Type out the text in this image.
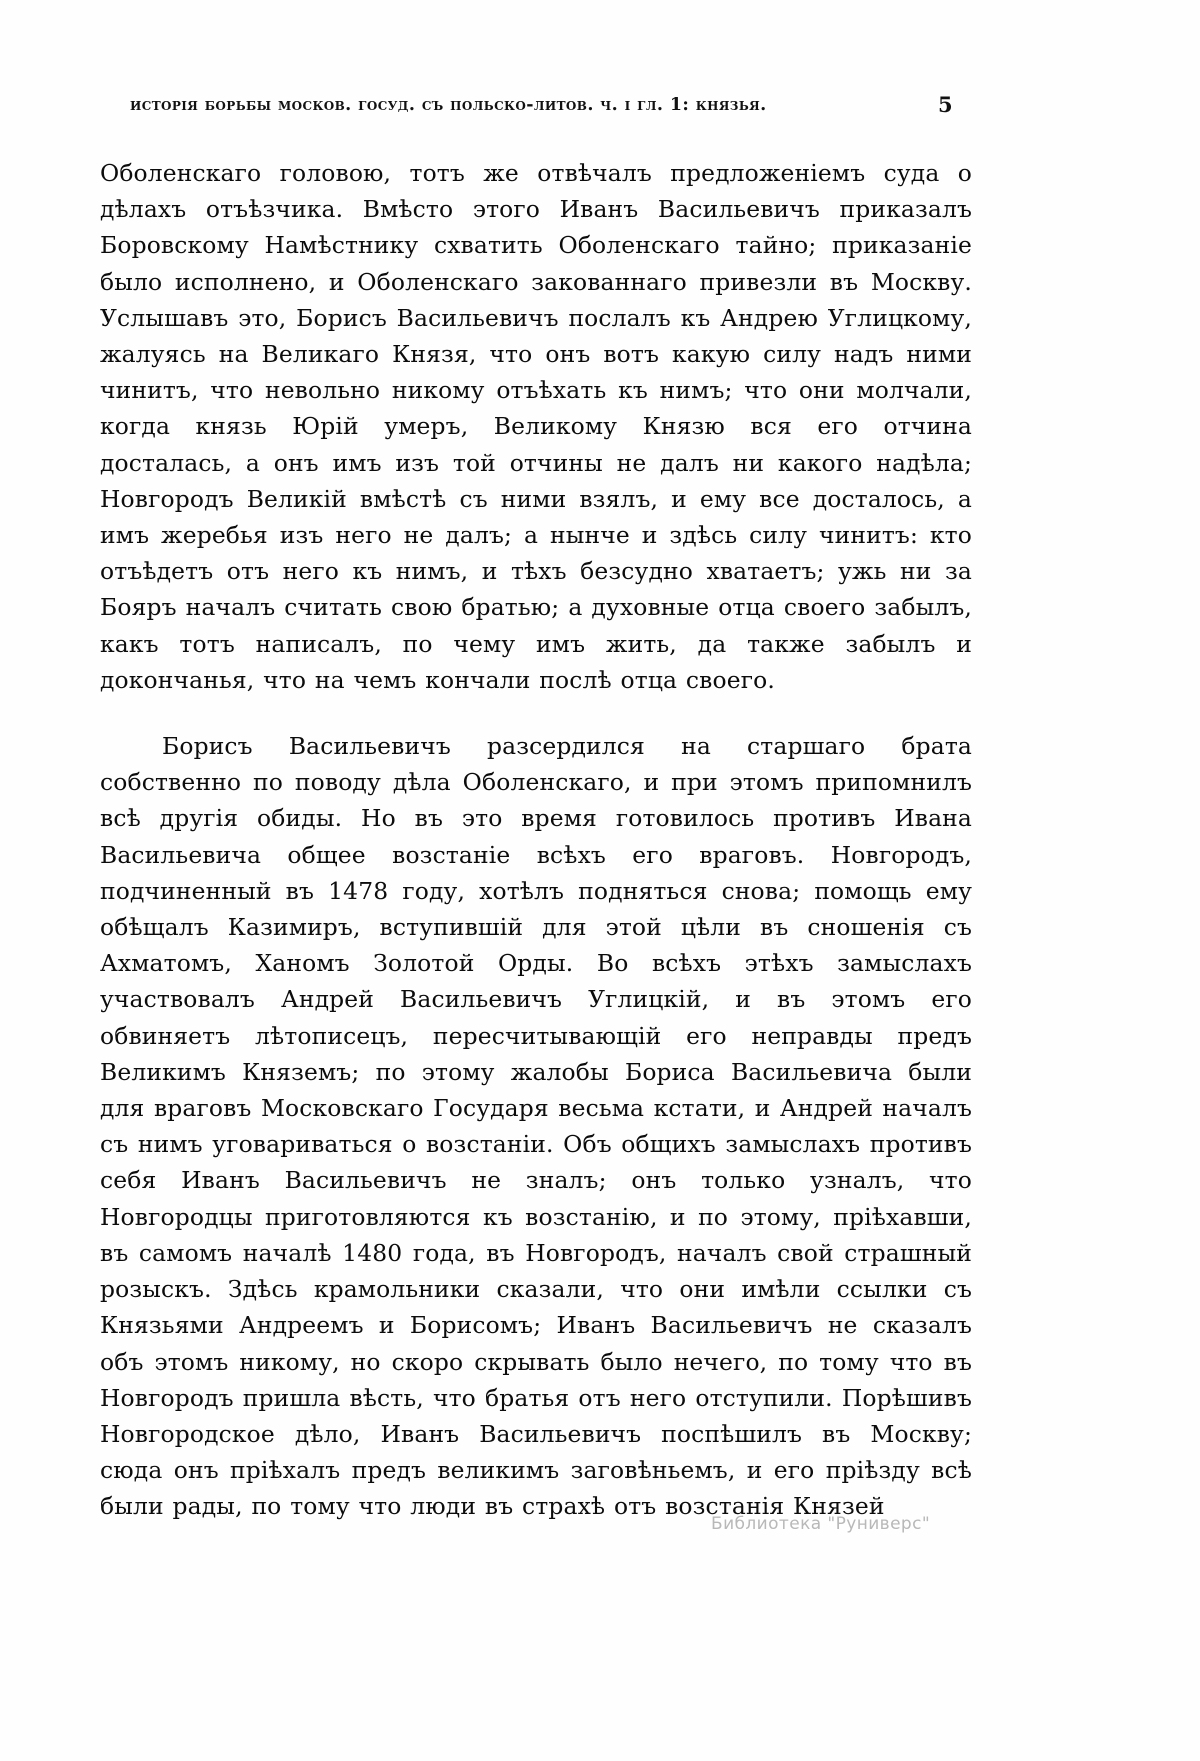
исторія борьбы москов. госуд. съ польско-литов. ч. i гл. 1: князья.	5

Оболенскаго головою, тотъ же отвѣчалъ предложеніемъ суда о дѣлахъ отъѣзчика. Вмѣсто этого Иванъ Васильевичъ приказалъ Боровскому Намѣстнику схватить Оболенскаго тайно; приказаніе было исполнено, и Оболенскаго закованнаго привезли въ Москву. Услышавъ это, Борисъ Васильевичъ послалъ къ Андрею Углицкому, жалуясь на Великаго Князя, что онъ вотъ какую силу надъ ними чинитъ, что невольно никому отъѣхать къ нимъ; что они молчали, когда князь Юрій умеръ, Великому Князю вся его отчина досталась, а онъ имъ изъ той отчины не далъ ни какого надѣла; Новгородъ Великій вмѣстѣ съ ними взялъ, и ему все досталось, а имъ жеребья изъ него не далъ; а нынче и здѣсь силу чинитъ: кто отъѣдетъ отъ него къ нимъ, и тѣхъ безсудно хватаетъ; ужь ни за Бояръ началъ считать свою братью; а духовные отца своего забылъ, какъ тотъ написалъ, по чему имъ жить, да также забылъ и докончанья, что на чемъ кончали послѣ отца своего.

Борисъ Васильевичъ разсердился на старшаго брата собственно по поводу дѣла Оболенскаго, и при этомъ припомнилъ всѣ другія обиды. Но въ это время готовилось противъ Ивана Васильевича общее возстаніе всѣхъ его враговъ. Новгородъ, подчиненный въ 1478 году, хотѣлъ подняться снова; помощь ему обѣщалъ Казимиръ, вступившій для этой цѣли въ сношенія съ Ахматомъ, Ханомъ Золотой Орды. Во всѣхъ этѣхъ замыслахъ участвовалъ Андрей Васильевичъ Углицкій, и въ этомъ его обвиняетъ лѣтописецъ, пересчитывающій его неправды предъ Великимъ Княземъ; по этому жалобы Бориса Васильевича были для враговъ Московскаго Государя весьма кстати, и Андрей началъ съ нимъ уговариваться о возстаніи. Объ общихъ замыслахъ противъ себя Иванъ Васильевичъ не зналъ; онъ только узналъ, что Новгородцы приготовляются къ возстанію, и по этому, пріѣхавши, въ самомъ началѣ 1480 года, въ Новгородъ, началъ свой страшный розыскъ. Здѣсь крамольники сказали, что они имѣли ссылки съ Князьями Андреемъ и Борисомъ; Иванъ Васильевичъ не сказалъ объ этомъ никому, но скоро скрывать было нечего, по тому что въ Новгородъ пришла вѣсть, что братья отъ него отступили. Порѣшивъ Новгородское дѣло, Иванъ Васильевичъ поспѣшилъ въ Москву; сюда онъ пріѣхалъ предъ великимъ заговѣньемъ, и его пріѣзду всѣ были рады, по тому что люди въ страхѣ отъ возстанія Князей

Библиотека "Руниверс"
